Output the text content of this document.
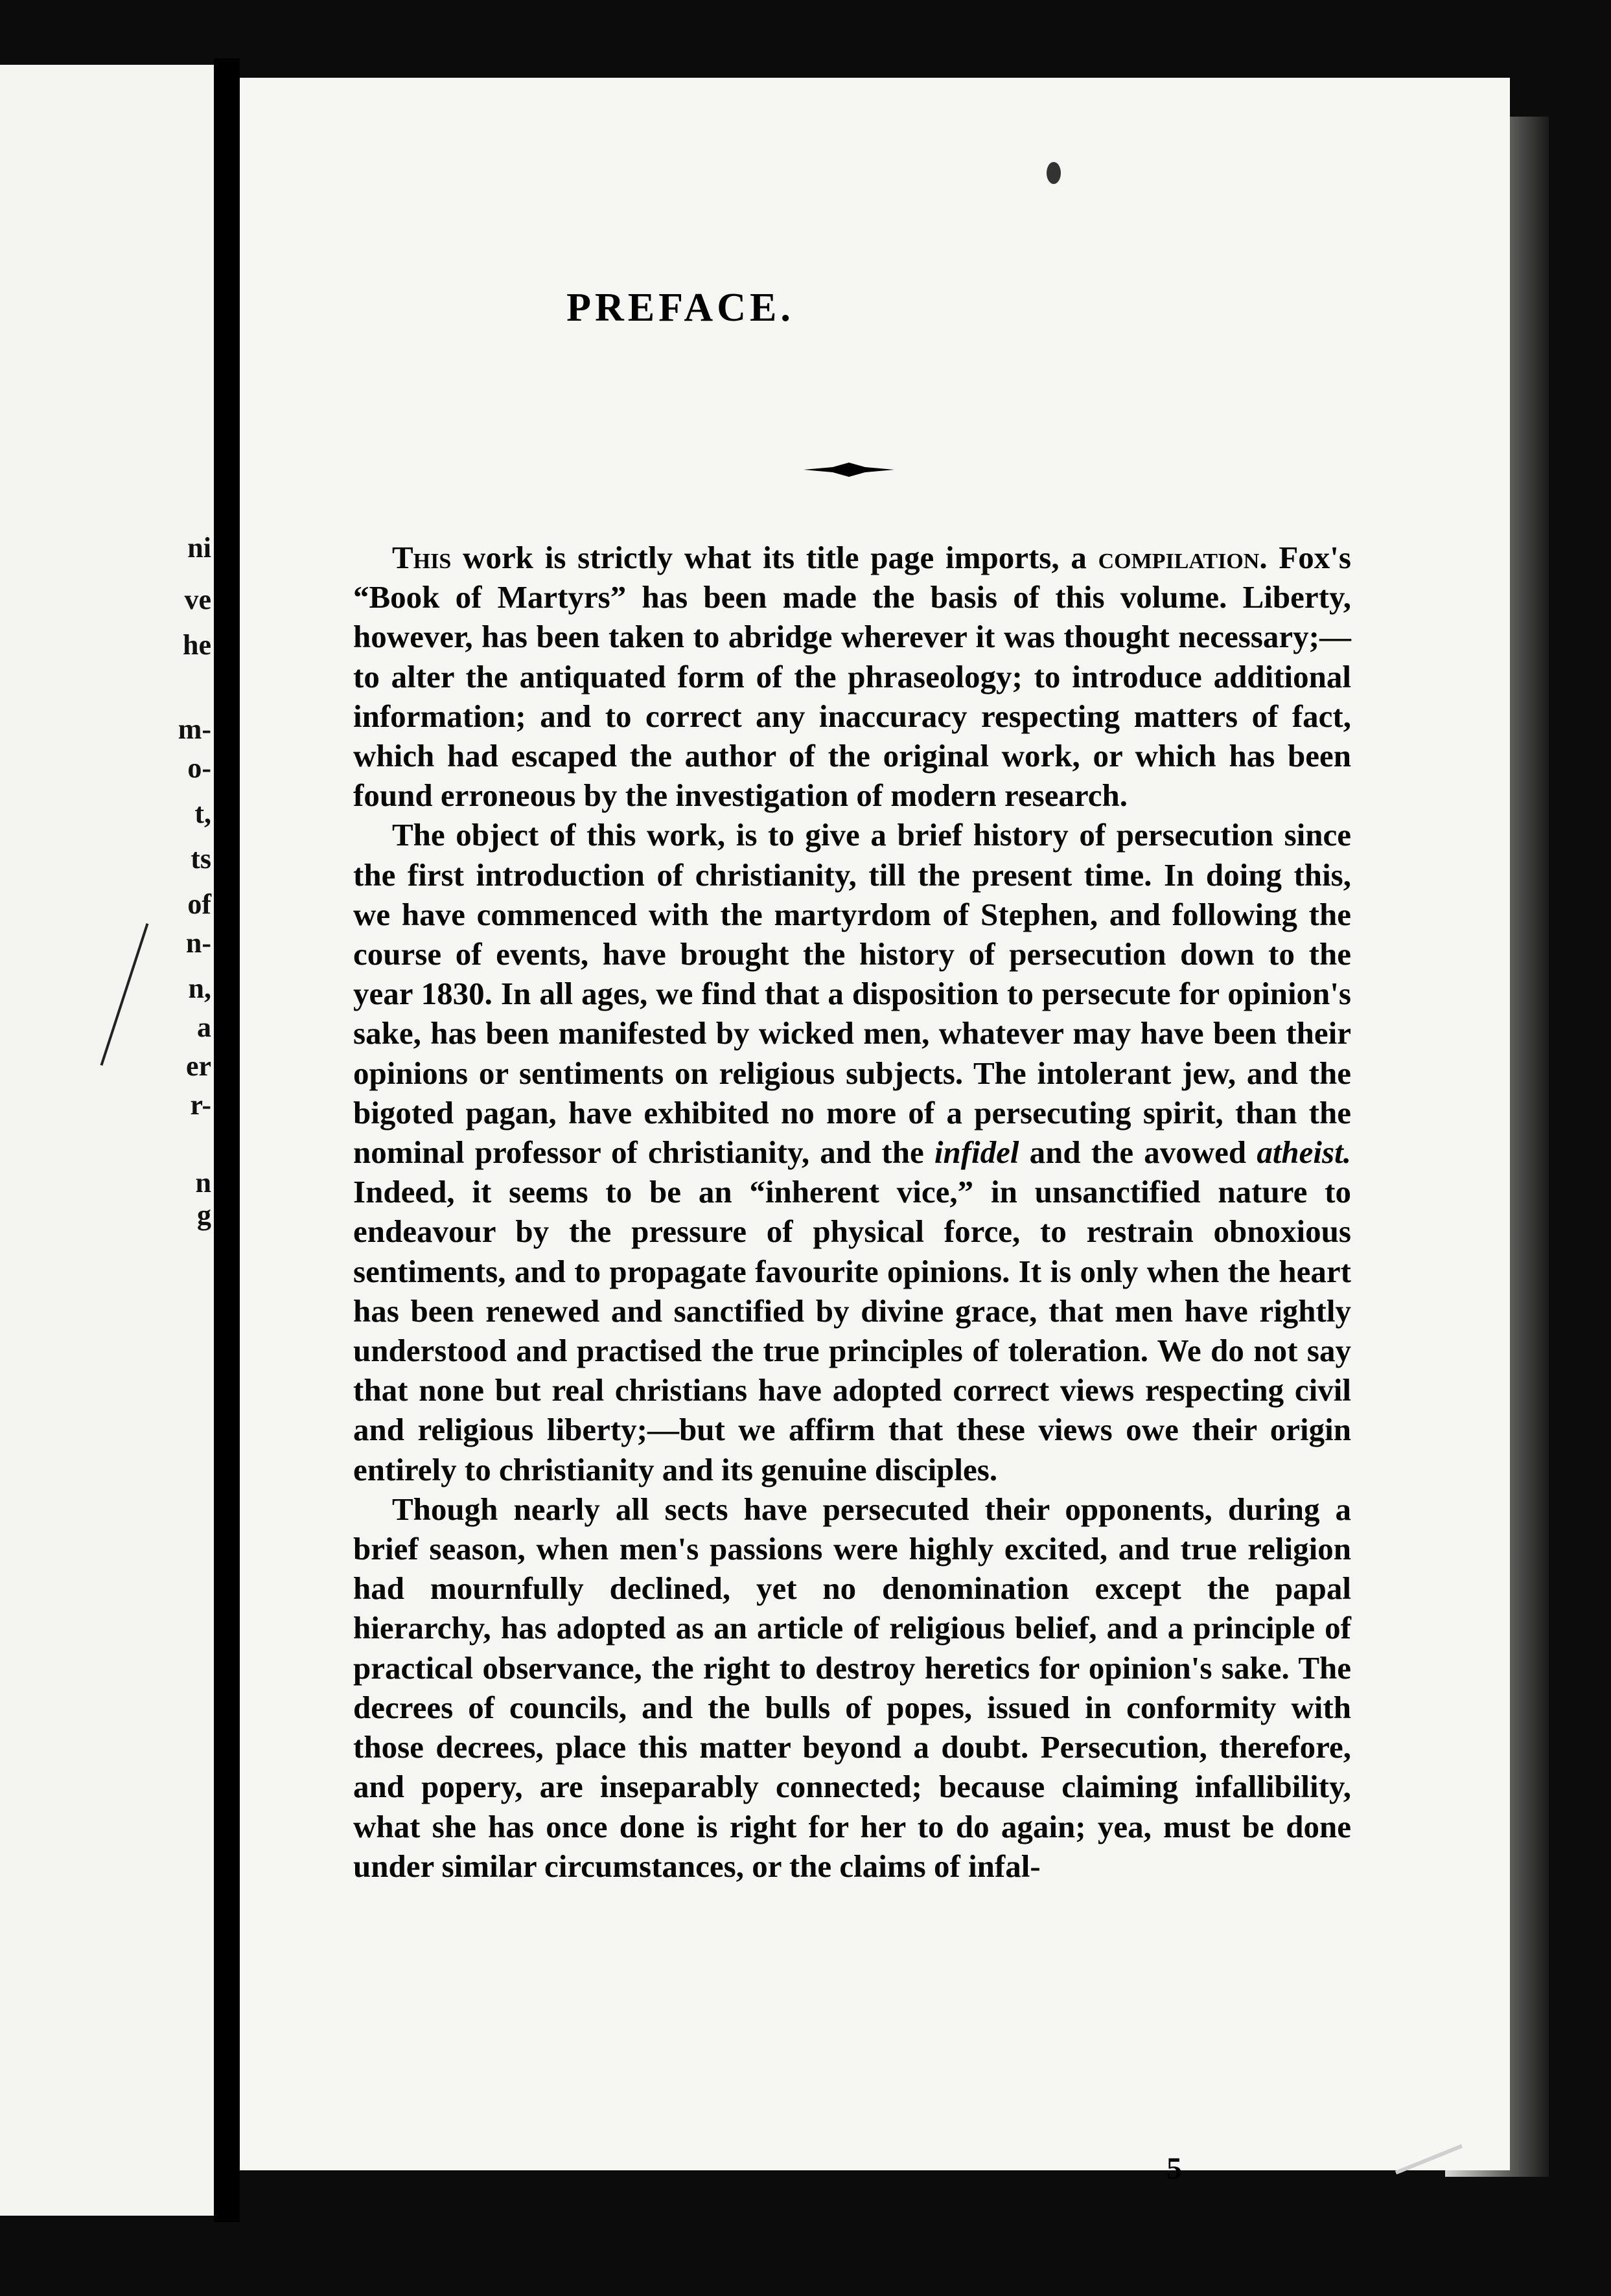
ni
ve
he
m-
o-
t,
ts
of
n-
n,
a
er
r-
n
g
PREFACE.

This work is strictly what its title page imports, a compilation. Fox's “Book of Martyrs” has been made the basis of this volume. Liberty, however, has been taken to abridge wherever it was thought necessary;—to alter the antiquated form of the phraseology; to introduce additional information; and to correct any inaccuracy respecting matters of fact, which had escaped the author of the original work, or which has been found erroneous by the investigation of modern research.

The object of this work, is to give a brief history of persecution since the first introduction of christianity, till the present time. In doing this, we have commenced with the martyrdom of Stephen, and following the course of events, have brought the history of persecution down to the year 1830. In all ages, we find that a disposition to persecute for opinion's sake, has been manifested by wicked men, whatever may have been their opinions or sentiments on religious subjects. The intolerant jew, and the bigoted pagan, have exhibited no more of a persecuting spirit, than the nominal professor of christianity, and the infidel and the avowed atheist. Indeed, it seems to be an “inherent vice,” in unsanctified nature to endeavour by the pressure of physical force, to restrain obnoxious sentiments, and to propagate favourite opinions. It is only when the heart has been renewed and sanctified by divine grace, that men have rightly understood and practised the true principles of toleration. We do not say that none but real christians have adopted correct views respecting civil and religious liberty;—but we affirm that these views owe their origin entirely to christianity and its genuine disciples.

Though nearly all sects have persecuted their opponents, during a brief season, when men's passions were highly excited, and true religion had mournfully declined, yet no denomination except the papal hierarchy, has adopted as an article of religious belief, and a principle of practical observance, the right to destroy heretics for opinion's sake. The decrees of councils, and the bulls of popes, issued in conformity with those decrees, place this matter beyond a doubt. Persecution, therefore, and popery, are inseparably connected; because claiming infallibility, what she has once done is right for her to do again; yea, must be done under similar circumstances, or the claims of infal-

5
